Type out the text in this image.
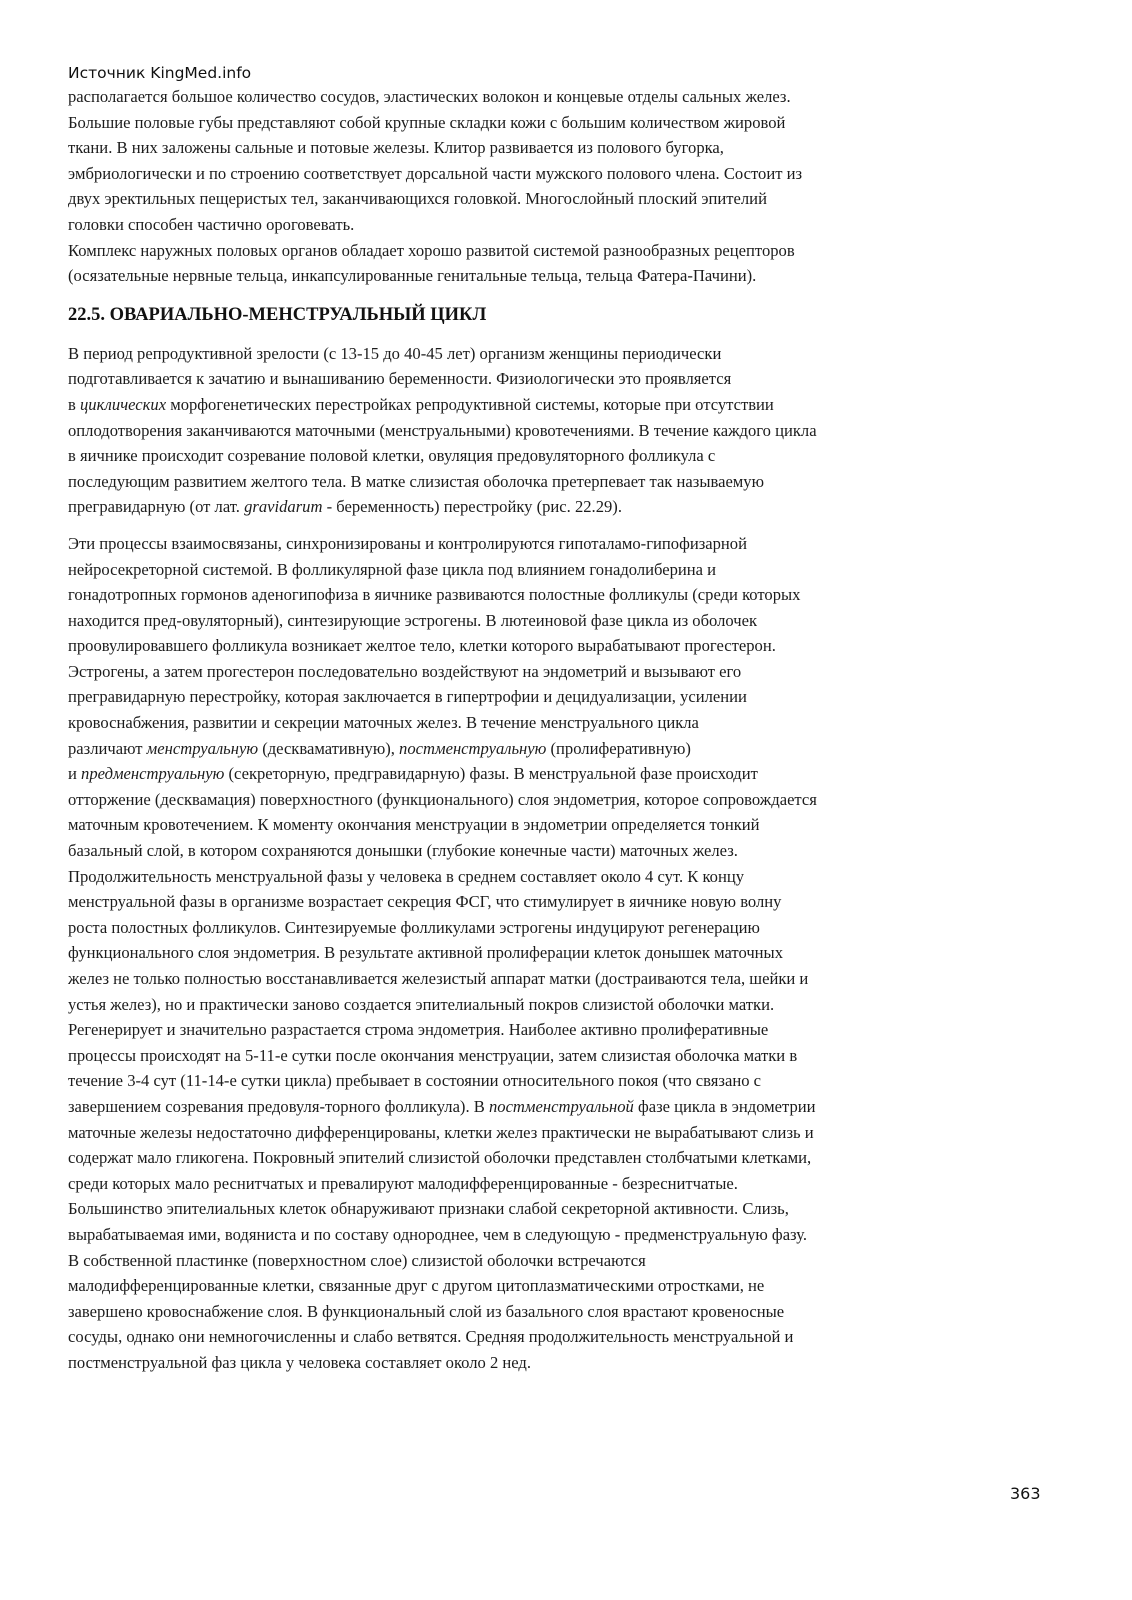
Источник KingMed.info

располагается большое количество сосудов, эластических волокон и концевые отделы сальных желез.
Большие половые губы представляют собой крупные складки кожи с большим количеством жировой
ткани. В них заложены сальные и потовые железы. Клитор развивается из полового бугорка,
эмбриологически и по строению соответствует дорсальной части мужского полового члена. Состоит из
двух эректильных пещеристых тел, заканчивающихся головкой. Многослойный плоский эпителий
головки способен частично ороговевать.
Комплекс наружных половых органов обладает хорошо развитой системой разнообразных рецепторов
(осязательные нервные тельца, инкапсулированные генитальные тельца, тельца Фатера-Пачини).

22.5. ОВАРИАЛЬНО-МЕНСТРУАЛЬНЫЙ ЦИКЛ

В период репродуктивной зрелости (с 13-15 до 40-45 лет) организм женщины периодически
подготавливается к зачатию и вынашиванию беременности. Физиологически это проявляется
в циклических морфогенетических перестройках репродуктивной системы, которые при отсутствии
оплодотворения заканчиваются маточными (менструальными) кровотечениями. В течение каждого цикла
в яичнике происходит созревание половой клетки, овуляция предовуляторного фолликула с
последующим развитием желтого тела. В матке слизистая оболочка претерпевает так называемую
прегравидарную (от лат. gravidarum - беременность) перестройку (рис. 22.29).

Эти процессы взаимосвязаны, синхронизированы и контролируются гипоталамо-гипофизарной
нейросекреторной системой. В фолликулярной фазе цикла под влиянием гонадолиберина и
гонадотропных гормонов аденогипофиза в яичнике развиваются полостные фолликулы (среди которых
находится пред-овуляторный), синтезирующие эстрогены. В лютеиновой фазе цикла из оболочек
проовулировавшего фолликула возникает желтое тело, клетки которого вырабатывают прогестерон.
Эстрогены, а затем прогестерон последовательно воздействуют на эндометрий и вызывают его
прегравидарную перестройку, которая заключается в гипертрофии и децидуализации, усилении
кровоснабжения, развитии и секреции маточных желез. В течение менструального цикла
различают менструальную (десквамативную), постменструальную (пролиферативную)
и предменструальную (секреторную, предгравидарную) фазы. В менструальной фазе происходит
отторжение (десквамация) поверхностного (функционального) слоя эндометрия, которое сопровождается
маточным кровотечением. К моменту окончания менструации в эндометрии определяется тонкий
базальный слой, в котором сохраняются донышки (глубокие конечные части) маточных желез.
Продолжительность менструальной фазы у человека в среднем составляет около 4 сут. К концу
менструальной фазы в организме возрастает секреция ФСГ, что стимулирует в яичнике новую волну
роста полостных фолликулов. Синтезируемые фолликулами эстрогены индуцируют регенерацию
функционального слоя эндометрия. В результате активной пролиферации клеток донышек маточных
желез не только полностью восстанавливается железистый аппарат матки (достраиваются тела, шейки и
устья желез), но и практически заново создается эпителиальный покров слизистой оболочки матки.
Регенерирует и значительно разрастается строма эндометрия. Наиболее активно пролиферативные
процессы происходят на 5-11-е сутки после окончания менструации, затем слизистая оболочка матки в
течение 3-4 сут (11-14-е сутки цикла) пребывает в состоянии относительного покоя (что связано с
завершением созревания предовуля-торного фолликула). В постменструальной фазе цикла в эндометрии
маточные железы недостаточно дифференцированы, клетки желез практически не вырабатывают слизь и
содержат мало гликогена. Покровный эпителий слизистой оболочки представлен столбчатыми клетками,
среди которых мало реснитчатых и превалируют малодифференцированные - безреснитчатые.
Большинство эпителиальных клеток обнаруживают признаки слабой секреторной активности. Слизь,
вырабатываемая ими, водяниста и по составу однороднее, чем в следующую - предменструальную фазу.
В собственной пластинке (поверхностном слое) слизистой оболочки встречаются
малодифференцированные клетки, связанные друг с другом цитоплазматическими отростками, не
завершено кровоснабжение слоя. В функциональный слой из базального слоя врастают кровеносные
сосуды, однако они немногочисленны и слабо ветвятся. Средняя продолжительность менструальной и
постменструальной фаз цикла у человека составляет около 2 нед.

363
